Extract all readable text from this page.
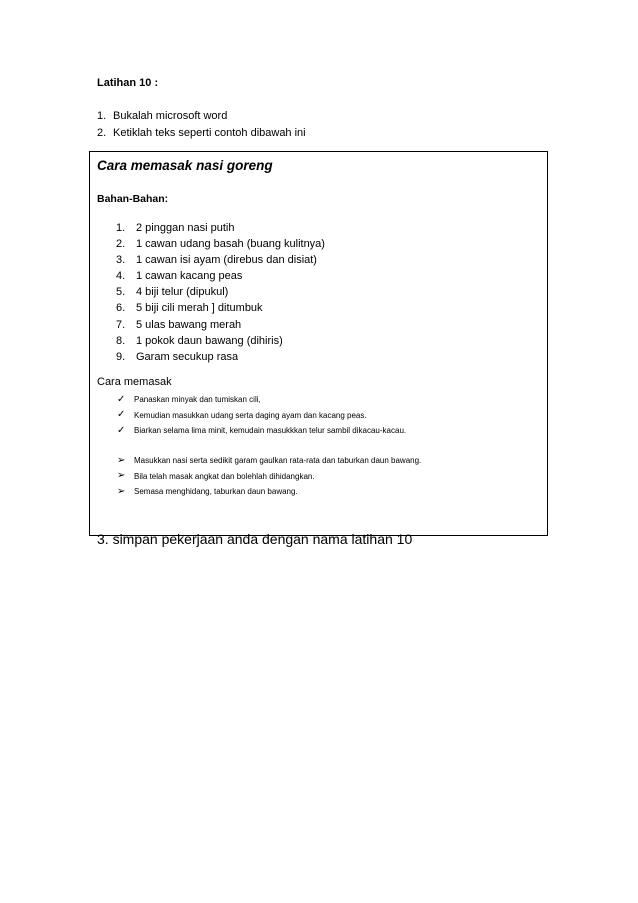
Latihan 10 :

1. Bukalah microsoft word
2. Ketiklah teks seperti contoh dibawah ini

Cara memasak nasi goreng

Bahan-Bahan:

1. 2 pinggan nasi putih
2. 1 cawan udang basah (buang kulitnya)
3. 1 cawan isi ayam (direbus dan disiat)
4. 1 cawan kacang peas
5. 4 biji telur (dipukul)
6. 5 biji cili merah ] ditumbuk
7. 5 ulas bawang merah
8. 1 pokok daun bawang (dihiris)
9. Garam secukup rasa

Cara memasak

✓	Panaskan minyak dan tumiskan cili,
✓	Kemudian masukkan udang serta daging ayam dan kacang peas.
✓	Biarkan selama lima minit, kemudain masukkkan telur sambil dikacau-kacau.
➢	Masukkan nasi serta sedikit garam gaulkan rata-rata dan taburkan daun bawang.
➢	Bila telah masak angkat dan bolehlah dihidangkan.
➢	Semasa menghidang, taburkan daun bawang.

3. simpan pekerjaan anda dengan nama latihan 10
